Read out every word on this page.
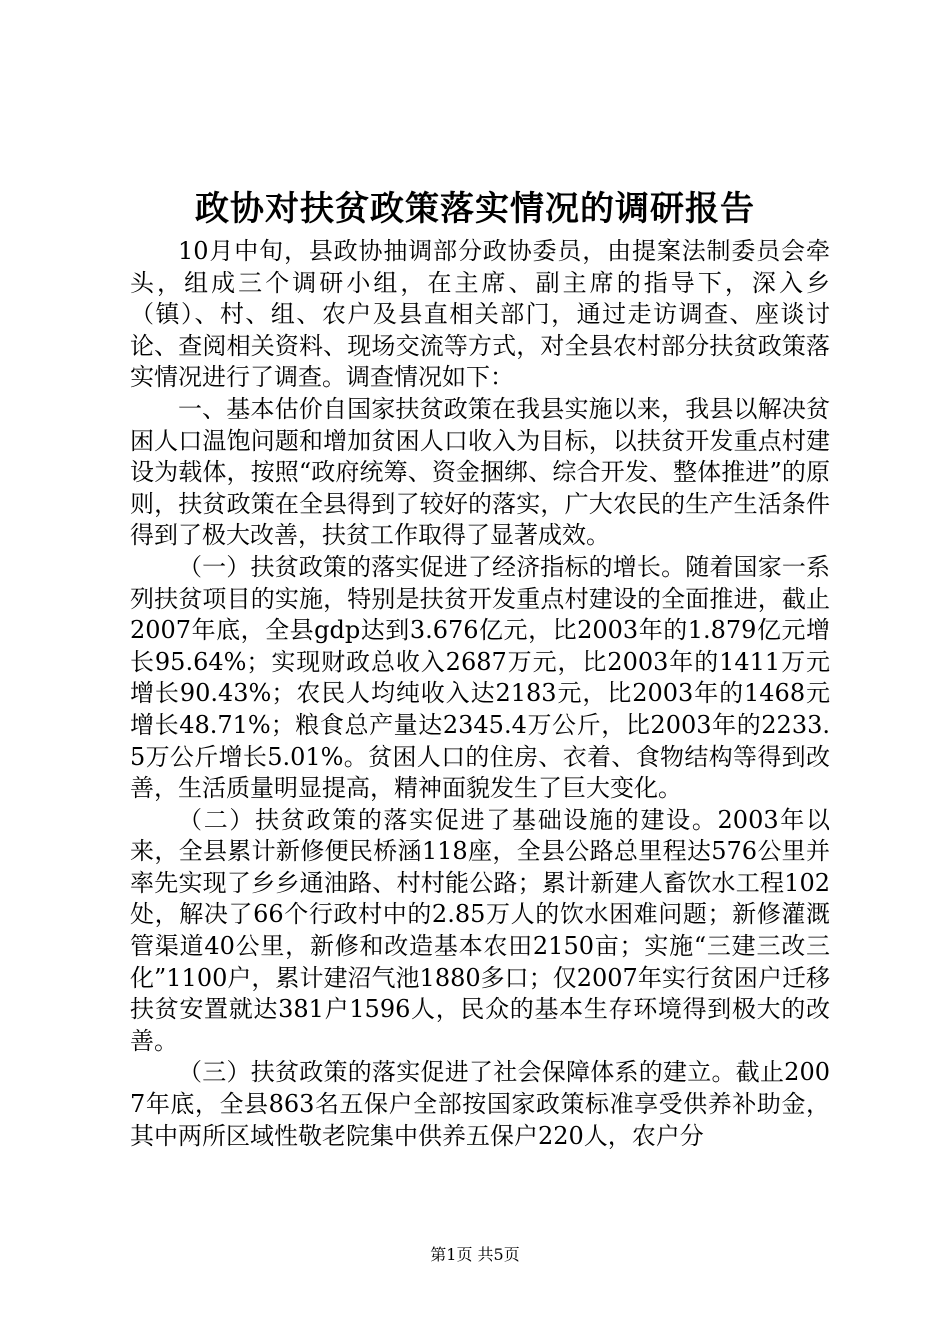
政协对扶贫政策落实情况的调研报告

10月中旬，县政协抽调部分政协委员，由提案法制委员会牵头，组成三个调研小组，在主席、副主席的指导下，深入乡（镇）、村、组、农户及县直相关部门，通过走访调查、座谈讨论、查阅相关资料、现场交流等方式，对全县农村部分扶贫政策落实情况进行了调查。调查情况如下：

一、基本估价自国家扶贫政策在我县实施以来，我县以解决贫困人口温饱问题和增加贫困人口收入为目标，以扶贫开发重点村建设为载体，按照“政府统筹、资金捆绑、综合开发、整体推进”的原则，扶贫政策在全县得到了较好的落实，广大农民的生产生活条件得到了极大改善，扶贫工作取得了显著成效。

（一）扶贫政策的落实促进了经济指标的增长。随着国家一系列扶贫项目的实施，特别是扶贫开发重点村建设的全面推进，截止2007年底，全县gdp达到3.676亿元，比2003年的1.879亿元增长95.64%；实现财政总收入2687万元，比2003年的1411万元增长90.43%；农民人均纯收入达2183元，比2003年的1468元增长48.71%；粮食总产量达2345.4万公斤，比2003年的2233.5万公斤增长5.01%。贫困人口的住房、衣着、食物结构等得到改善，生活质量明显提高，精神面貌发生了巨大变化。

（二）扶贫政策的落实促进了基础设施的建设。2003年以来，全县累计新修便民桥涵118座，全县公路总里程达576公里并率先实现了乡乡通油路、村村能公路；累计新建人畜饮水工程102处，解决了66个行政村中的2.85万人的饮水困难问题；新修灌溉管渠道40公里，新修和改造基本农田2150亩；实施“三建三改三化”1100户，累计建沼气池1880多口；仅2007年实行贫困户迁移扶贫安置就达381户1596人，民众的基本生存环境得到极大的改善。

（三）扶贫政策的落实促进了社会保障体系的建立。截止2007年底，全县863名五保户全部按国家政策标准享受供养补助金，其中两所区域性敬老院集中供养五保户220人，农户分

第1页 共5页
